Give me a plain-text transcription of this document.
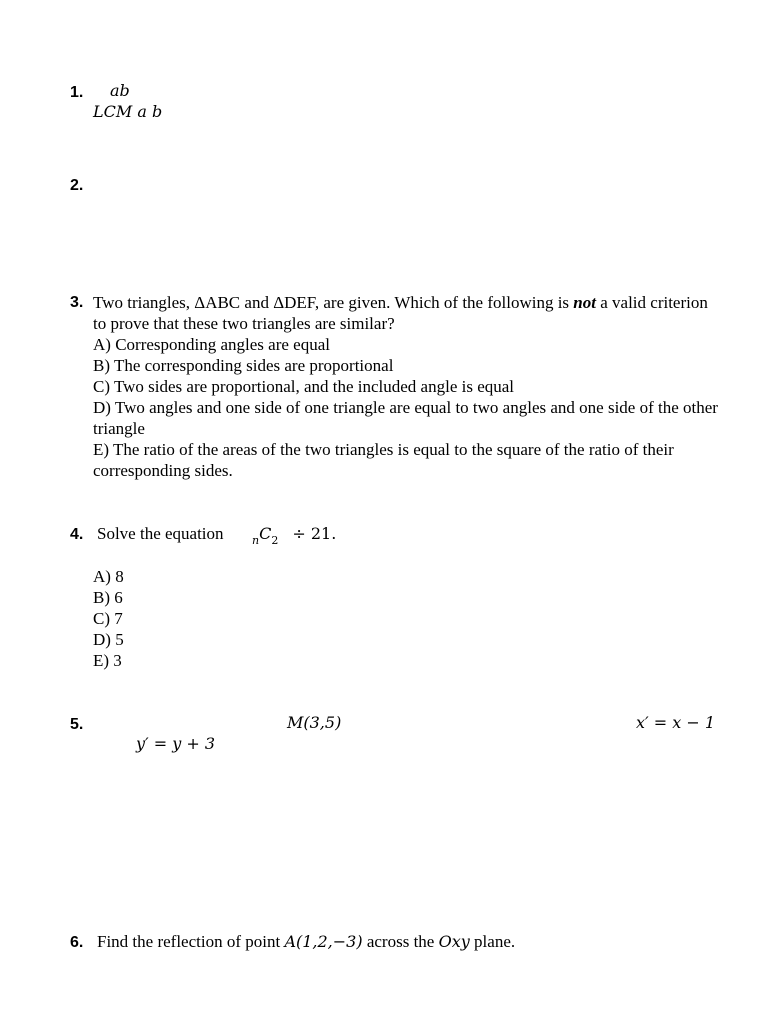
1. ab
LCM a b
2.
3. Two triangles, ΔABC and ΔDEF, are given. Which of the following is not a valid criterion to prove that these two triangles are similar?
A) Corresponding angles are equal
B) The corresponding sides are proportional
C) Two sides are proportional, and the included angle is equal
D) Two angles and one side of one triangle are equal to two angles and one side of the other triangle
E) The ratio of the areas of the two triangles is equal to the square of the ratio of their corresponding sides.
4. Solve the equation	$_nC_2 \div 21$.
A) 8
B) 6
C) 7
D) 5
E) 3
5.	M(3,5)	x′ = x − 1
y′ = y + 3
6. Find the reflection of point A(1,2,−3) across the Oxy plane.
